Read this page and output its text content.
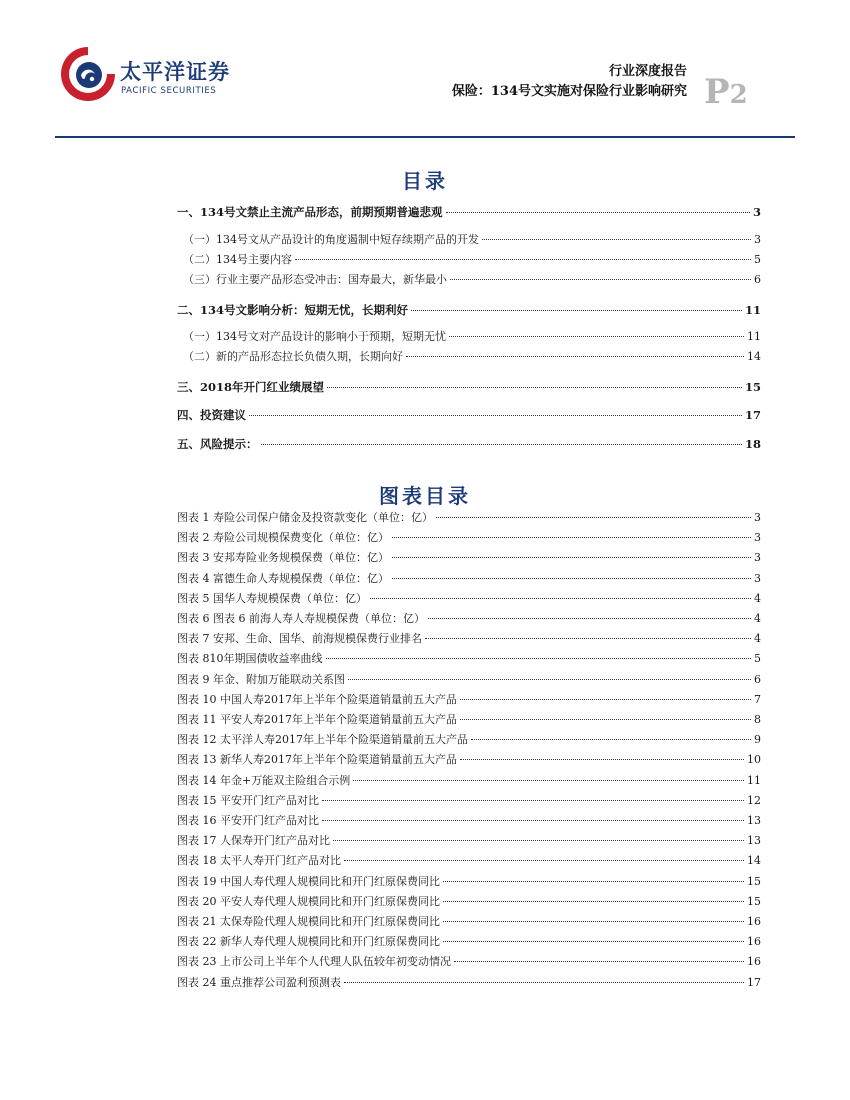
太平洋证券
PACIFIC SECURITIES
行业深度报告
保险：134号文实施对保险行业影响研究 P2
目录
一、134号文禁止主流产品形态，前期预期普遍悲观	3
（一）134号文从产品设计的角度遏制中短存续期产品的开发	3
（二）134号主要内容	5
（三）行业主要产品形态受冲击：国寿最大，新华最小	6
二、134号文影响分析：短期无忧，长期利好	11
（一）134号文对产品设计的影响小于预期，短期无忧	11
（二）新的产品形态拉长负债久期，长期向好	14
三、2018年开门红业绩展望	15
四、投资建议	17
五、风险提示：	18
图表目录
图表 1 寿险公司保户储金及投资款变化（单位：亿）	3
图表 2 寿险公司规模保费变化（单位：亿）	3
图表 3 安邦寿险业务规模保费（单位：亿）	3
图表 4 富德生命人寿规模保费（单位：亿）	3
图表 5 国华人寿规模保费（单位：亿）	4
图表 6 图表 6 前海人寿人寿规模保费（单位：亿）	4
图表 7 安邦、生命、国华、前海规模保费行业排名	4
图表 810年期国债收益率曲线	5
图表 9 年金、附加万能联动关系图	6
图表 10 中国人寿2017年上半年个险渠道销量前五大产品	7
图表 11 平安人寿2017年上半年个险渠道销量前五大产品	8
图表 12 太平洋人寿2017年上半年个险渠道销量前五大产品	9
图表 13 新华人寿2017年上半年个险渠道销量前五大产品	10
图表 14 年金+万能双主险组合示例	11
图表 15 平安开门红产品对比	12
图表 16 平安开门红产品对比	13
图表 17 人保寿开门红产品对比	13
图表 18 太平人寿开门红产品对比	14
图表 19 中国人寿代理人规模同比和开门红原保费同比	15
图表 20 平安人寿代理人规模同比和开门红原保费同比	15
图表 21 太保寿险代理人规模同比和开门红原保费同比	16
图表 22 新华人寿代理人规模同比和开门红原保费同比	16
图表 23 上市公司上半年个人代理人队伍较年初变动情况	16
图表 24 重点推荐公司盈利预测表	17
